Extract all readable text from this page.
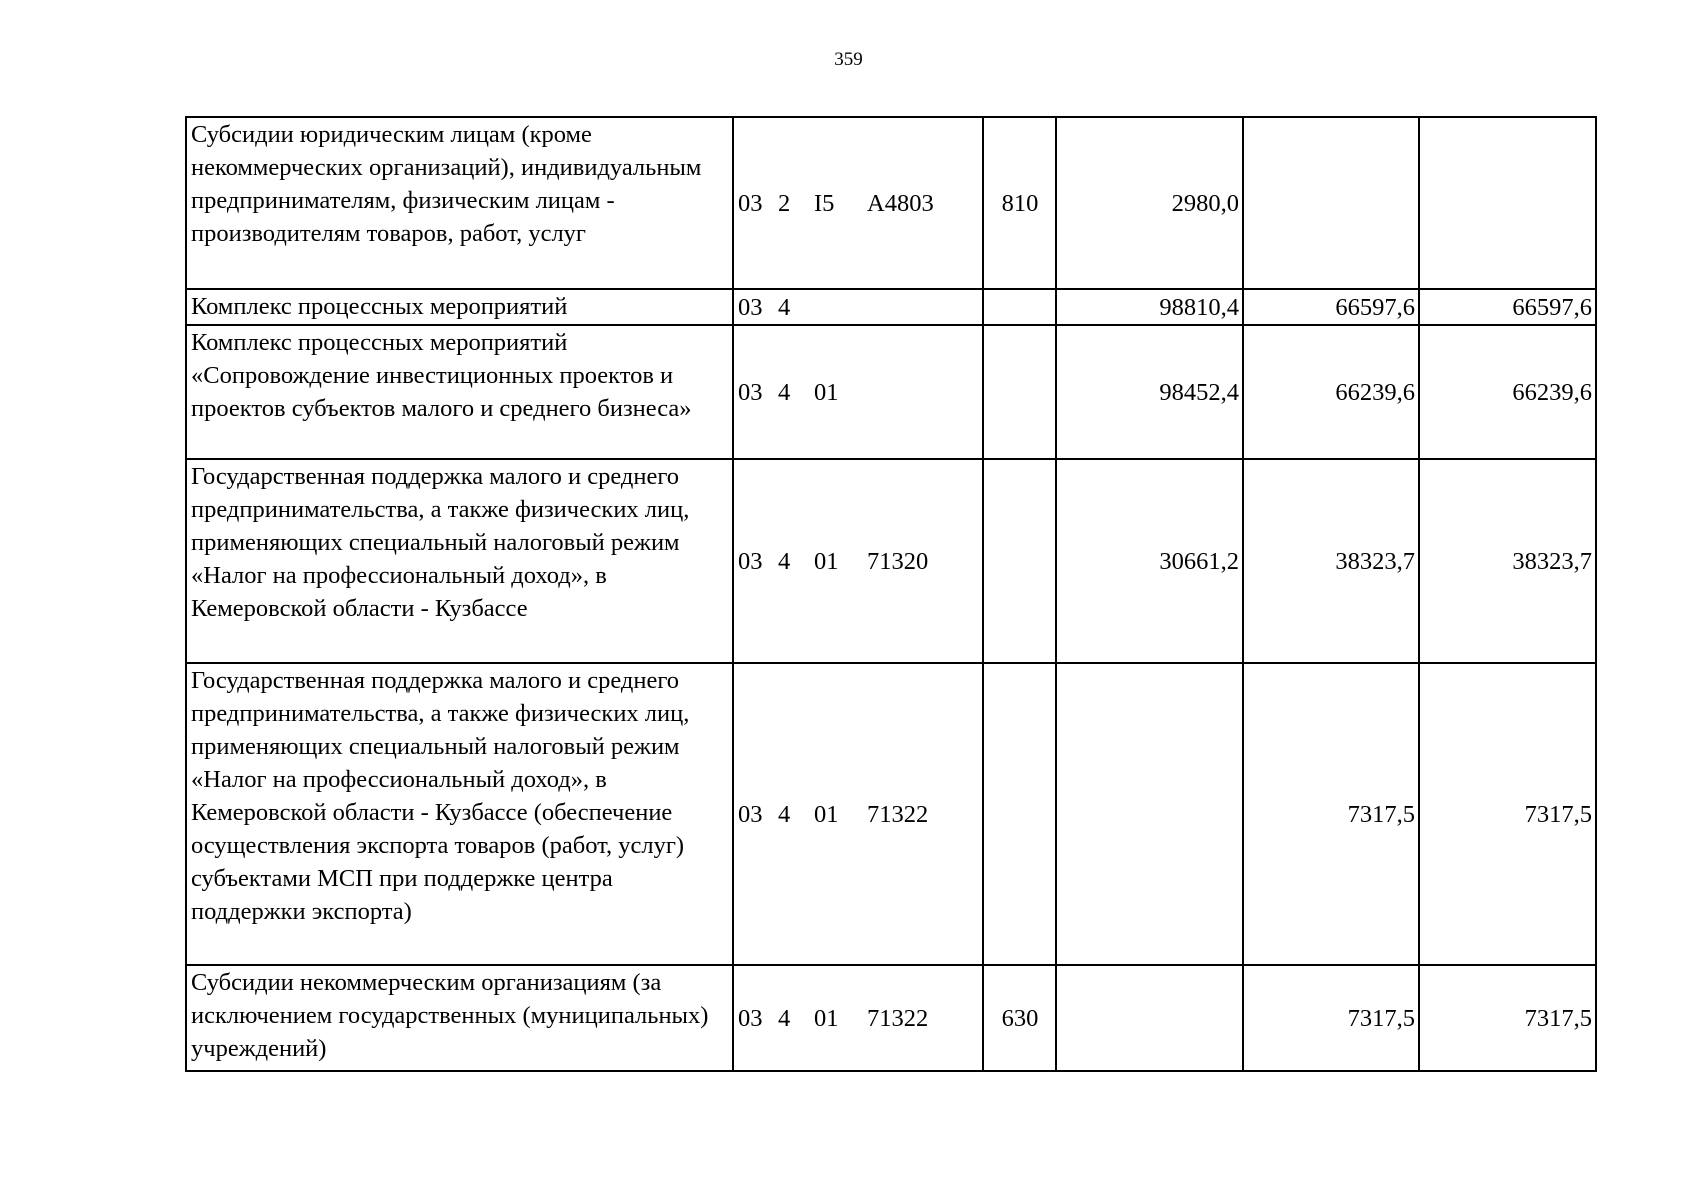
359
Субсидии юридическим лицам (кроме некоммерческих организаций), индивидуальным предпринимателям, физическим лицам - производителям товаров, работ, услуг	03 2 I5 А4803	810	2980,0		
Комплекс процессных мероприятий	03 4		98810,4	66597,6	66597,6
Комплекс процессных мероприятий «Сопровождение инвестиционных проектов и проектов субъектов малого и среднего бизнеса»	03 4 01		98452,4	66239,6	66239,6
Государственная поддержка малого и среднего предпринимательства, а также физических лиц, применяющих специальный налоговый режим «Налог на профессиональный доход», в Кемеровской области - Кузбассе	03 4 01 71320		30661,2	38323,7	38323,7
Государственная поддержка малого и среднего предпринимательства, а также физических лиц, применяющих специальный налоговый режим «Налог на профессиональный доход», в Кемеровской области - Кузбассе (обеспечение осуществления экспорта товаров (работ, услуг) субъектами МСП при поддержке центра поддержки экспорта)	03 4 01 71322			7317,5	7317,5
Субсидии некоммерческим организациям (за исключением государственных (муниципальных) учреждений)	03 4 01 71322	630		7317,5	7317,5
